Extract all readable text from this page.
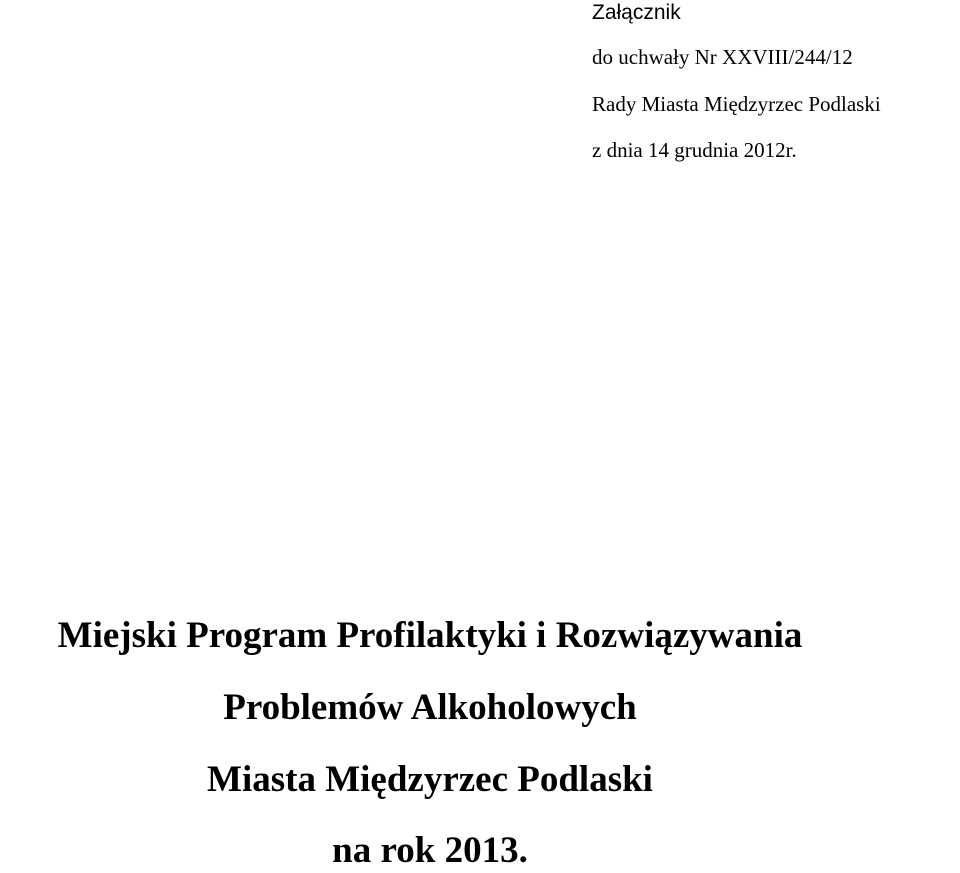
Załącznik
do uchwały Nr XXVIII/244/12
Rady Miasta Międzyrzec Podlaski
z dnia 14 grudnia 2012r.
Miejski Program Profilaktyki i Rozwiązywania
Problemów Alkoholowych
Miasta Międzyrzec Podlaski
na rok 2013.
